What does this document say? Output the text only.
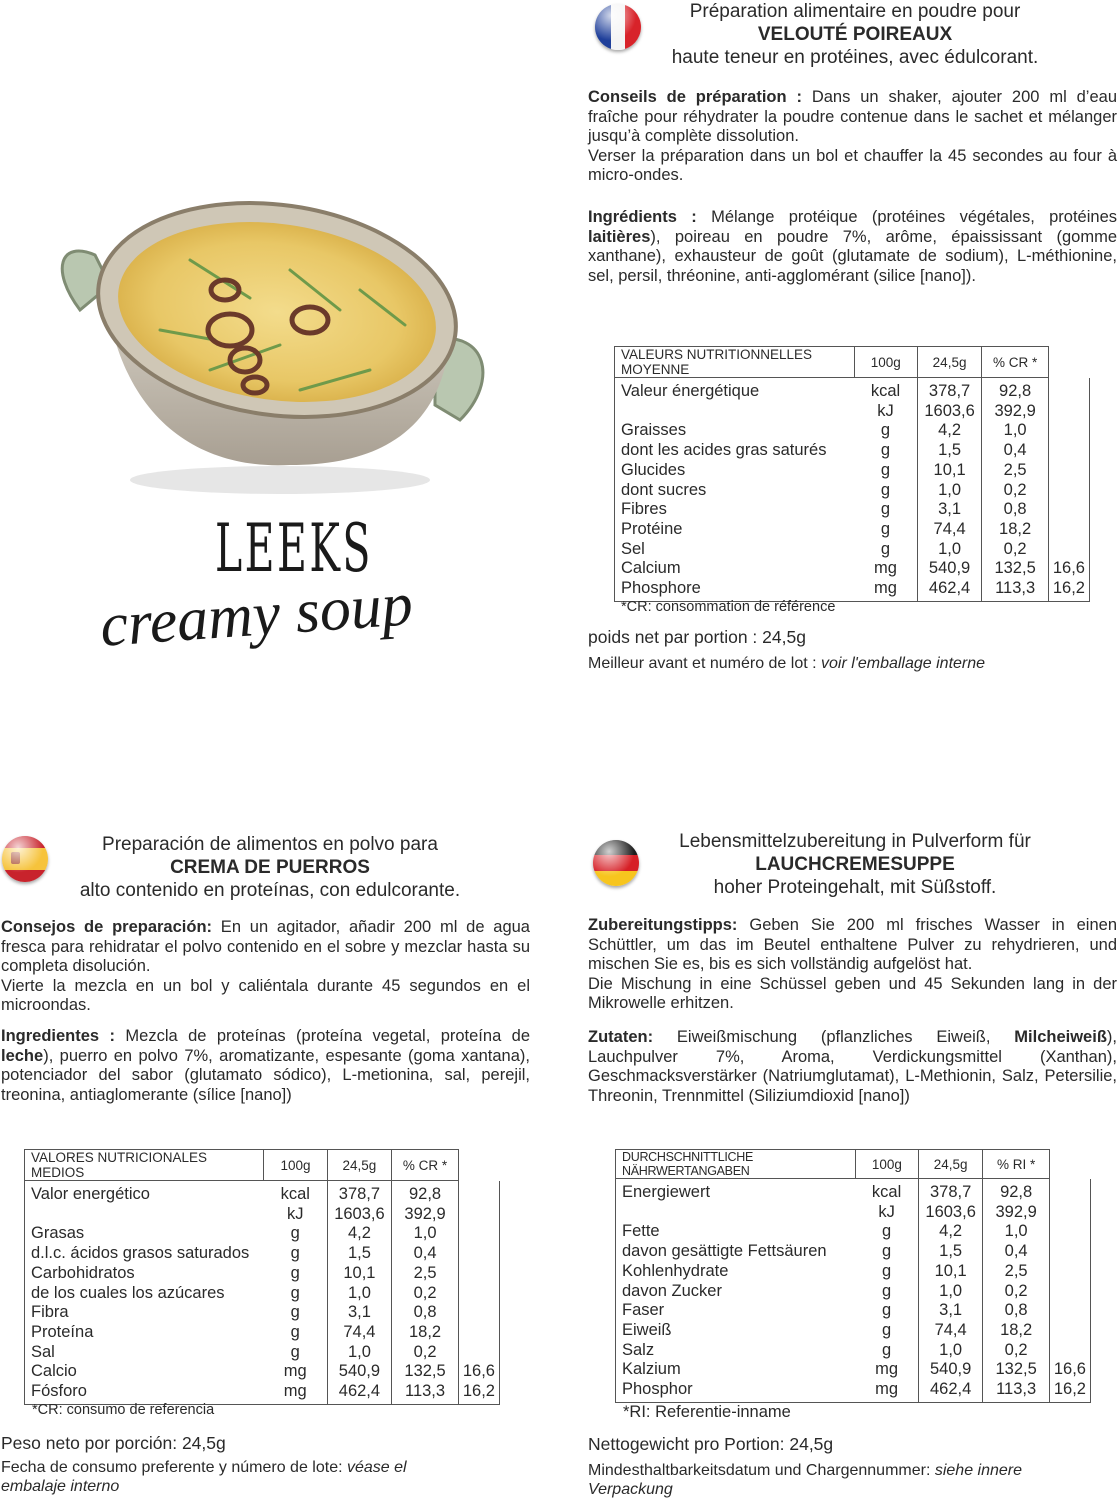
Préparation alimentaire en poudre pour
VELOUTÉ POIREAUX
haute teneur en protéines, avec édulcorant.
Conseils de préparation : Dans un shaker, ajouter 200 ml d’eau fraîche pour réhydrater la poudre contenue dans le sachet et mélanger jusqu’à complète dissolution.
Verser la préparation dans un bol et chauffer la 45 secondes au four à micro-ondes.
Ingrédients : Mélange protéique (protéines végétales, protéines laitières), poireau en poudre 7%, arôme, épaississant (gomme xanthane), exhausteur de goût (glutamate de sodium), L-méthionine, sel, persil, thréonine, anti-agglomérant (silice [nano]).
VALEURS NUTRITIONNELLES MOYENNE	100g	24,5g	% CR *	
Valeur énergétique	kcal	378,7	92,8	
	kJ	1603,6	392,9	
Graisses	g	4,2	1,0	
dont les acides gras saturés	g	1,5	0,4	
Glucides	g	10,1	2,5	
dont sucres	g	1,0	0,2	
Fibres	g	3,1	0,8	
Protéine	g	74,4	18,2	
Sel	g	1,0	0,2	
Calcium	mg	540,9	132,5	16,6
Phosphore	mg	462,4	113,3	16,2
*CR: consommation de référence
poids net par portion : 24,5g
Meilleur avant et numéro de lot : voir l'emballage interne
LEEKS
creamy soup
Preparación de alimentos en polvo para
CREMA DE PUERROS
alto contenido en proteínas, con edulcorante.
Consejos de preparación: En un agitador, añadir 200 ml de agua fresca para rehidratar el polvo contenido en el sobre y mezclar hasta su completa disolución.
Vierte la mezcla en un bol y caliéntala durante 45 segundos en el microondas.
Ingredientes : Mezcla de proteínas (proteína vegetal, proteína de leche), puerro en polvo 7%, aromatizante, espesante (goma xantana), potenciador del sabor (glutamato sódico), L-metionina, sal, perejil, treonina, antiaglomerante (sílice [nano])
VALORES NUTRICIONALES MEDIOS	100g	24,5g	% CR *	
Valor energético	kcal	378,7	92,8	
	kJ	1603,6	392,9	
Grasas	g	4,2	1,0	
d.l.c. ácidos grasos saturados	g	1,5	0,4	
Carbohidratos	g	10,1	2,5	
de los cuales los azúcares	g	1,0	0,2	
Fibra	g	3,1	0,8	
Proteína	g	74,4	18,2	
Sal	g	1,0	0,2	
Calcio	mg	540,9	132,5	16,6
Fósforo	mg	462,4	113,3	16,2
*CR: consumo de referencia
Peso neto por porción: 24,5g
Fecha de consumo preferente y número de lote: véase el embalaje interno
Lebensmittelzubereitung in Pulverform für
LAUCHCREMESUPPE
hoher Proteingehalt, mit Süßstoff.
Zubereitungstipps: Geben Sie 200 ml frisches Wasser in einen Schüttler, um das im Beutel enthaltene Pulver zu rehydrieren, und mischen Sie es, bis es sich vollständig aufgelöst hat.
Die Mischung in eine Schüssel geben und 45 Sekunden lang in der Mikrowelle erhitzen.
Zutaten: Eiweißmischung (pflanzliches Eiweiß, Milcheiweiß), Lauchpulver 7%, Aroma, Verdickungsmittel (Xanthan), Geschmacksverstärker (Natriumglutamat), L-Methionin, Salz, Petersilie, Threonin, Trennmittel (Siliziumdioxid [nano])
DURCHSCHNITTLICHE NÄHRWERTANGABEN	100g	24,5g	% RI *	
Energiewert	kcal	378,7	92,8	
	kJ	1603,6	392,9	
Fette	g	4,2	1,0	
davon gesättigte Fettsäuren	g	1,5	0,4	
Kohlenhydrate	g	10,1	2,5	
davon Zucker	g	1,0	0,2	
Faser	g	3,1	0,8	
Eiweiß	g	74,4	18,2	
Salz	g	1,0	0,2	
Kalzium	mg	540,9	132,5	16,6
Phosphor	mg	462,4	113,3	16,2
*RI: Referentie-inname
Nettogewicht pro Portion: 24,5g
Mindesthaltbarkeitsdatum und Chargennummer: siehe innere Verpackung
